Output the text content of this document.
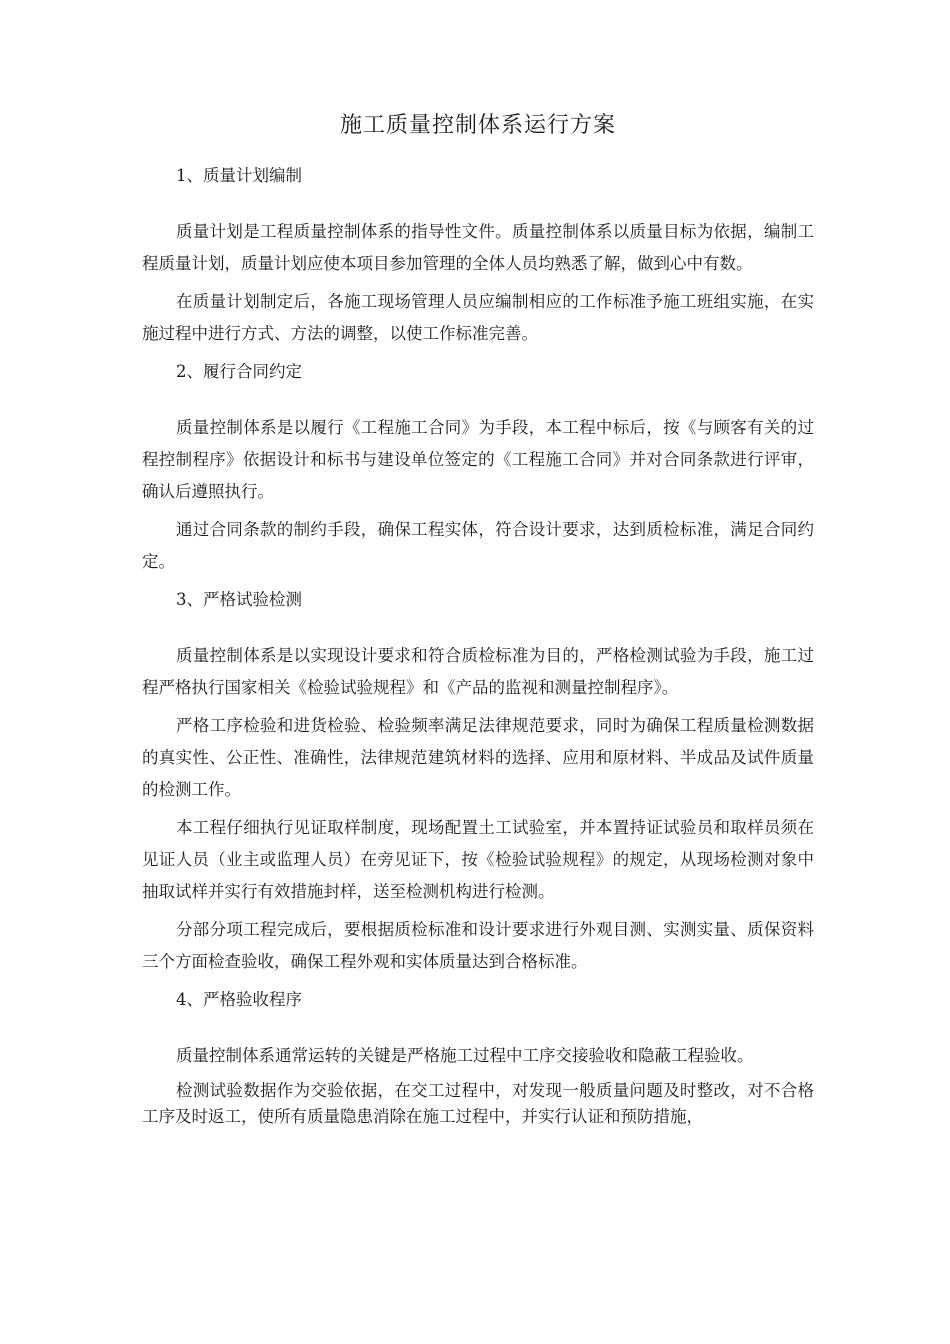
施工质量控制体系运行方案
1、质量计划编制

质量计划是工程质量控制体系的指导性文件。质量控制体系以质量目标为依据，编制工程质量计划，质量计划应使本项目参加管理的全体人员均熟悉了解，做到心中有数。

在质量计划制定后，各施工现场管理人员应编制相应的工作标准予施工班组实施，在实施过程中进行方式、方法的调整，以使工作标准完善。

2、履行合同约定

质量控制体系是以履行《工程施工合同》为手段，本工程中标后，按《与顾客有关的过程控制程序》依据设计和标书与建设单位签定的《工程施工合同》并对合同条款进行评审，确认后遵照执行。

通过合同条款的制约手段，确保工程实体，符合设计要求，达到质检标准，满足合同约定。

3、严格试验检测

质量控制体系是以实现设计要求和符合质检标准为目的，严格检测试验为手段，施工过程严格执行国家相关《检验试验规程》和《产品的监视和测量控制程序》。

严格工序检验和进货检验、检验频率满足法律规范要求，同时为确保工程质量检测数据的真实性、公正性、准确性，法律规范建筑材料的选择、应用和原材料、半成品及试件质量的检测工作。

本工程仔细执行见证取样制度，现场配置土工试验室，并本置持证试验员和取样员须在见证人员（业主或监理人员）在旁见证下，按《检验试验规程》的规定，从现场检测对象中抽取试样并实行有效措施封样，送至检测机构进行检测。

分部分项工程完成后，要根据质检标准和设计要求进行外观目测、实测实量、质保资料三个方面检查验收，确保工程外观和实体质量达到合格标准。

4、严格验收程序

质量控制体系通常运转的关键是严格施工过程中工序交接验收和隐蔽工程验收。

检测试验数据作为交验依据，在交工过程中，对发现一般质量问题及时整改，对不合格工序及时返工，使所有质量隐患消除在施工过程中，并实行认证和预防措施，
